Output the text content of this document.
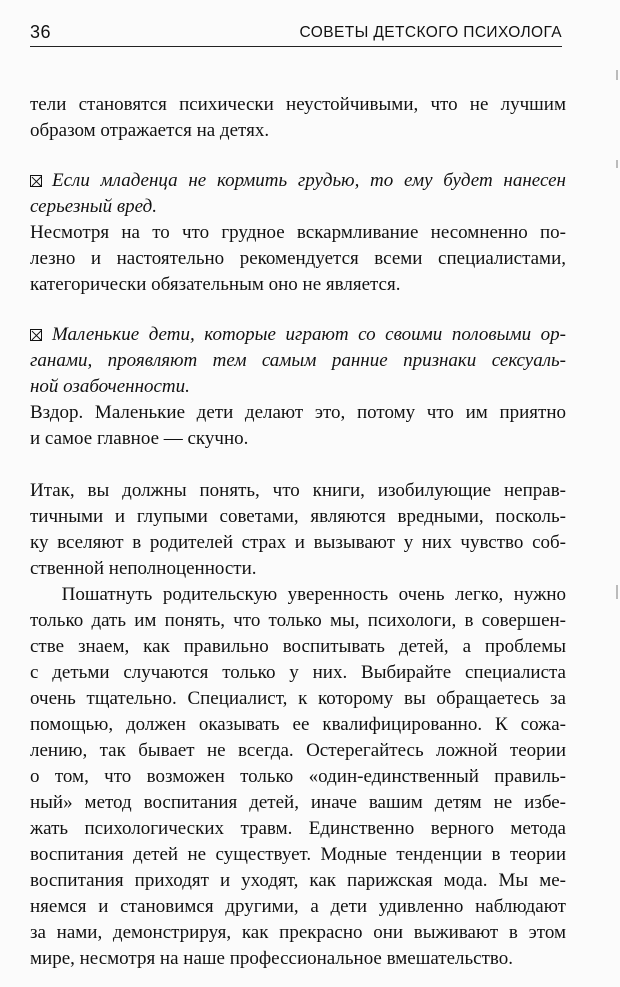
36	СОВЕТЫ ДЕТСКОГО ПСИХОЛОГА
тели становятся психически неустойчивыми, что не лучшим
образом отражается на детях.
Если младенца не кормить грудью, то ему будет нанесен
серьезный вред.
Несмотря на то что грудное вскармливание несомненно по-
лезно и настоятельно рекомендуется всеми специалистами,
категорически обязательным оно не является.
Маленькие дети, которые играют со своими половыми ор-
ганами, проявляют тем самым ранние признаки сексуаль-
ной озабоченности.
Вздор. Маленькие дети делают это, потому что им приятно
и самое главное — скучно.
Итак, вы должны понять, что книги, изобилующие неправ-
тичными и глупыми советами, являются вредными, посколь-
ку вселяют в родителей страх и вызывают у них чувство соб-
ственной неполноценности.
Пошатнуть родительскую уверенность очень легко, нужно
только дать им понять, что только мы, психологи, в совершен-
стве знаем, как правильно воспитывать детей, а проблемы
с детьми случаются только у них. Выбирайте специалиста
очень тщательно. Специалист, к которому вы обращаетесь за
помощью, должен оказывать ее квалифицированно. К сожа-
лению, так бывает не всегда. Остерегайтесь ложной теории
о том, что возможен только «один-единственный правиль-
ный» метод воспитания детей, иначе вашим детям не избе-
жать психологических травм. Единственно верного метода
воспитания детей не существует. Модные тенденции в теории
воспитания приходят и уходят, как парижская мода. Мы ме-
няемся и становимся другими, а дети удивленно наблюдают
за нами, демонстрируя, как прекрасно они выживают в этом
мире, несмотря на наше профессиональное вмешательство.
